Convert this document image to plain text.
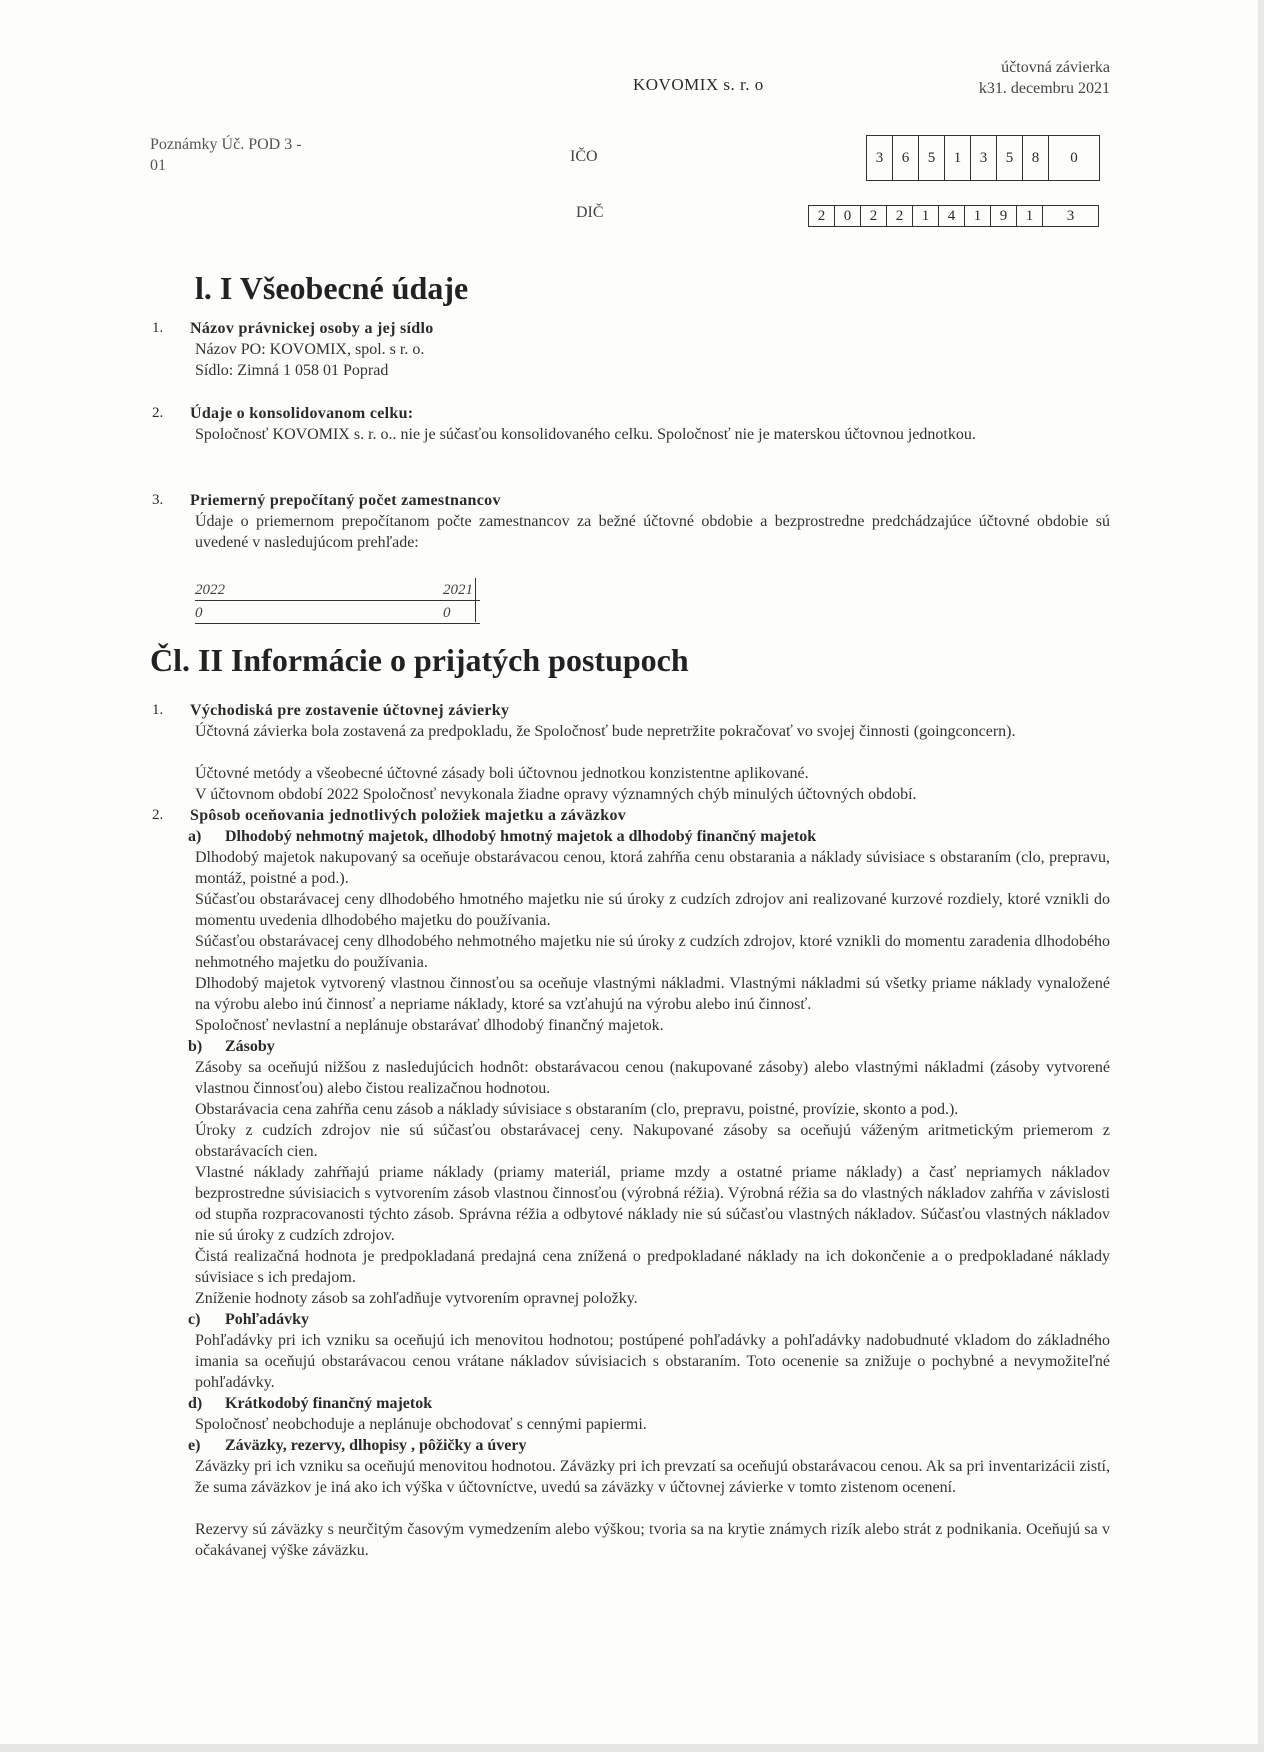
KOVOMIX s. r. o
účtovná závierka
k31. decembru 2021
Poznámky Úč. POD 3 -
01
IČO	3	6	5	1	3	5	8	0
DIČ	2	0	2	2	1	4	1	9	1	3
l. I Všeobecné údaje
1. Názov právnickej osoby a jej sídlo
Názov PO: KOVOMIX, spol. s r. o.
Sídlo: Zimná 1 058 01 Poprad
2. Údaje o konsolidovanom celku:
Spoločnosť KOVOMIX s. r. o.. nie je súčasťou konsolidovaného celku. Spoločnosť nie je materskou účtovnou jednotkou.
3. Priemerný prepočítaný počet zamestnancov
Údaje o priemernom prepočítanom počte zamestnancov za bežné účtovné obdobie a bezprostredne predchádzajúce účtovné obdobie sú uvedené v nasledujúcom prehľade:
2022	2021
0	0
Čl. II Informácie o prijatých postupoch
1. Východiská pre zostavenie účtovnej závierky
Účtovná závierka bola zostavená za predpokladu, že Spoločnosť bude nepretržite pokračovať vo svojej činnosti (goingconcern).
Účtovné metódy a všeobecné účtovné zásady boli účtovnou jednotkou konzistentne aplikované.
V účtovnom období 2022 Spoločnosť nevykonala žiadne opravy významných chýb minulých účtovných období.
2. Spôsob oceňovania jednotlivých položiek majetku a záväzkov
a) Dlhodobý nehmotný majetok, dlhodobý hmotný majetok a dlhodobý finančný majetok
Dlhodobý majetok nakupovaný sa oceňuje obstarávacou cenou, ktorá zahŕňa cenu obstarania a náklady súvisiace s obstaraním (clo, prepravu, montáž, poistné a pod.).
Súčasťou obstarávacej ceny dlhodobého hmotného majetku nie sú úroky z cudzích zdrojov ani realizované kurzové rozdiely, ktoré vznikli do momentu uvedenia dlhodobého majetku do používania.
Súčasťou obstarávacej ceny dlhodobého nehmotného majetku nie sú úroky z cudzích zdrojov, ktoré vznikli do momentu zaradenia dlhodobého nehmotného majetku do používania.
Dlhodobý majetok vytvorený vlastnou činnosťou sa oceňuje vlastnými nákladmi. Vlastnými nákladmi sú všetky priame náklady vynaložené na výrobu alebo inú činnosť a nepriame náklady, ktoré sa vzťahujú na výrobu alebo inú činnosť.
Spoločnosť nevlastní a neplánuje obstarávať dlhodobý finančný majetok.
b) Zásoby
Zásoby sa oceňujú nižšou z nasledujúcich hodnôt: obstarávacou cenou (nakupované zásoby) alebo vlastnými nákladmi (zásoby vytvorené vlastnou činnosťou) alebo čistou realizačnou hodnotou.
Obstarávacia cena zahŕňa cenu zásob a náklady súvisiace s obstaraním (clo, prepravu, poistné, provízie, skonto a pod.).
Úroky z cudzích zdrojov nie sú súčasťou obstarávacej ceny. Nakupované zásoby sa oceňujú váženým aritmetickým priemerom z obstarávacích cien.
Vlastné náklady zahŕňajú priame náklady (priamy materiál, priame mzdy a ostatné priame náklady) a časť nepriamych nákladov bezprostredne súvisiacich s vytvorením zásob vlastnou činnosťou (výrobná réžia). Výrobná réžia sa do vlastných nákladov zahŕňa v závislosti od stupňa rozpracovanosti týchto zásob. Správna réžia a odbytové náklady nie sú súčasťou vlastných nákladov. Súčasťou vlastných nákladov nie sú úroky z cudzích zdrojov.
Čistá realizačná hodnota je predpokladaná predajná cena znížená o predpokladané náklady na ich dokončenie a o predpokladané náklady súvisiace s ich predajom.
Zníženie hodnoty zásob sa zohľadňuje vytvorením opravnej položky.
c) Pohľadávky
Pohľadávky pri ich vzniku sa oceňujú ich menovitou hodnotou; postúpené pohľadávky a pohľadávky nadobudnuté vkladom do základného imania sa oceňujú obstarávacou cenou vrátane nákladov súvisiacich s obstaraním. Toto ocenenie sa znižuje o pochybné a nevymožiteľné pohľadávky.
d) Krátkodobý finančný majetok
Spoločnosť neobchoduje a neplánuje obchodovať s cennými papiermi.
e) Záväzky, rezervy, dlhopisy , pôžičky a úvery
Záväzky pri ich vzniku sa oceňujú menovitou hodnotou. Záväzky pri ich prevzatí sa oceňujú obstarávacou cenou. Ak sa pri inventarizácii zistí, že suma záväzkov je iná ako ich výška v účtovníctve, uvedú sa záväzky v účtovnej závierke v tomto zistenom ocenení.
Rezervy sú záväzky s neurčitým časovým vymedzením alebo výškou; tvoria sa na krytie známych rizík alebo strát z podnikania. Oceňujú sa v očakávanej výške záväzku.
